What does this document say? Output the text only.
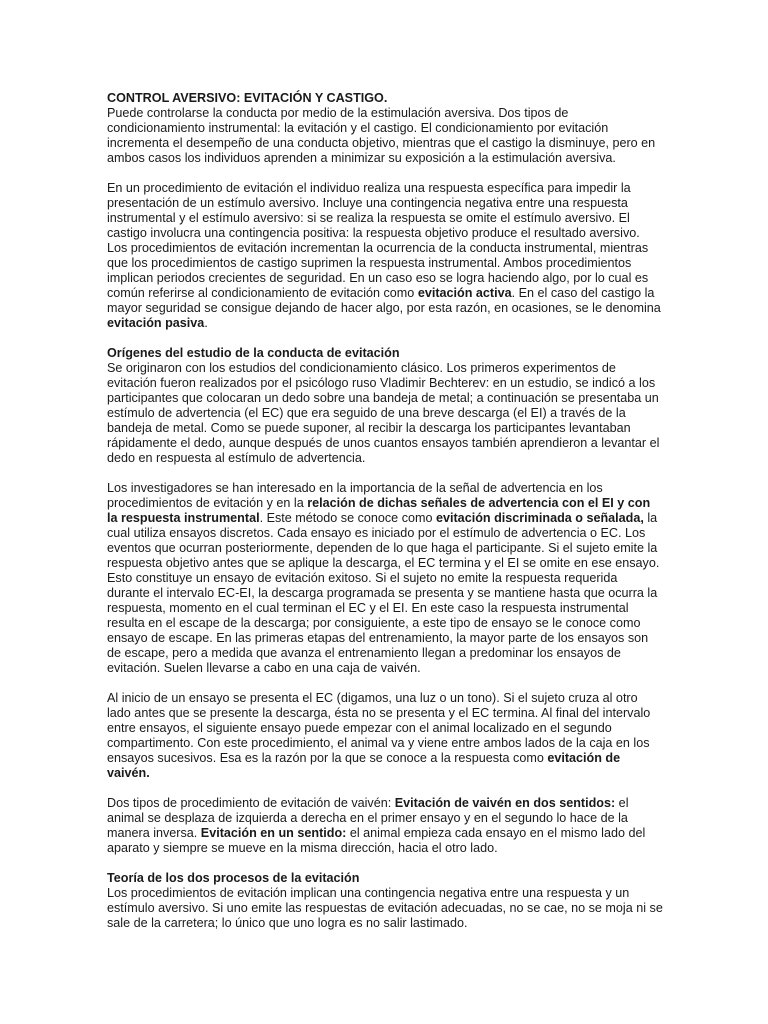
CONTROL AVERSIVO: EVITACIÓN Y CASTIGO.

Puede controlarse la conducta por medio de la estimulación aversiva. Dos tipos de condicionamiento instrumental: la evitación y el castigo. El condicionamiento por evitación incrementa el desempeño de una conducta objetivo, mientras que el castigo la disminuye, pero en ambos casos los individuos aprenden a minimizar su exposición a la estimulación aversiva.

En un procedimiento de evitación el individuo realiza una respuesta específica para impedir la presentación de un estímulo aversivo. Incluye una contingencia negativa entre una respuesta instrumental y el estímulo aversivo: si se realiza la respuesta se omite el estímulo aversivo. El castigo involucra una contingencia positiva: la respuesta objetivo produce el resultado aversivo. Los procedimientos de evitación incrementan la ocurrencia de la conducta instrumental, mientras que los procedimientos de castigo suprimen la respuesta instrumental. Ambos procedimientos implican periodos crecientes de seguridad. En un caso eso se logra haciendo algo, por lo cual es común referirse al condicionamiento de evitación como evitación activa. En el caso del castigo la mayor seguridad se consigue dejando de hacer algo, por esta razón, en ocasiones, se le denomina evitación pasiva.

Orígenes del estudio de la conducta de evitación

Se originaron con los estudios del condicionamiento clásico. Los primeros experimentos de evitación fueron realizados por el psicólogo ruso Vladimir Bechterev: en un estudio, se indicó a los participantes que colocaran un dedo sobre una bandeja de metal; a continuación se presentaba un estímulo de advertencia (el EC) que era seguido de una breve descarga (el EI) a través de la bandeja de metal. Como se puede suponer, al recibir la descarga los participantes levantaban rápidamente el dedo, aunque después de unos cuantos ensayos también aprendieron a levantar el dedo en respuesta al estímulo de advertencia.

Los investigadores se han interesado en la importancia de la señal de advertencia en los procedimientos de evitación y en la relación de dichas señales de advertencia con el EI y con la respuesta instrumental. Este método se conoce como evitación discriminada o señalada, la cual utiliza ensayos discretos. Cada ensayo es iniciado por el estímulo de advertencia o EC. Los eventos que ocurran posteriormente, dependen de lo que haga el participante. Si el sujeto emite la respuesta objetivo antes que se aplique la descarga, el EC termina y el EI se omite en ese ensayo. Esto constituye un ensayo de evitación exitoso. Si el sujeto no emite la respuesta requerida durante el intervalo EC-EI, la descarga programada se presenta y se mantiene hasta que ocurra la respuesta, momento en el cual terminan el EC y el EI. En este caso la respuesta instrumental resulta en el escape de la descarga; por consiguiente, a este tipo de ensayo se le conoce como ensayo de escape. En las primeras etapas del entrenamiento, la mayor parte de los ensayos son de escape, pero a medida que avanza el entrenamiento llegan a predominar los ensayos de evitación. Suelen llevarse a cabo en una caja de vaivén.

Al inicio de un ensayo se presenta el EC (digamos, una luz o un tono). Si el sujeto cruza al otro lado antes que se presente la descarga, ésta no se presenta y el EC termina. Al final del intervalo entre ensayos, el siguiente ensayo puede empezar con el animal localizado en el segundo compartimento. Con este procedimiento, el animal va y viene entre ambos lados de la caja en los ensayos sucesivos. Esa es la razón por la que se conoce a la respuesta como evitación de vaivén.

Dos tipos de procedimiento de evitación de vaivén: Evitación de vaivén en dos sentidos: el animal se desplaza de izquierda a derecha en el primer ensayo y en el segundo lo hace de la manera inversa. Evitación en un sentido: el animal empieza cada ensayo en el mismo lado del aparato y siempre se mueve en la misma dirección, hacia el otro lado.

Teoría de los dos procesos de la evitación

Los procedimientos de evitación implican una contingencia negativa entre una respuesta y un estímulo aversivo. Si uno emite las respuestas de evitación adecuadas, no se cae, no se moja ni se sale de la carretera; lo único que uno logra es no salir lastimado.
